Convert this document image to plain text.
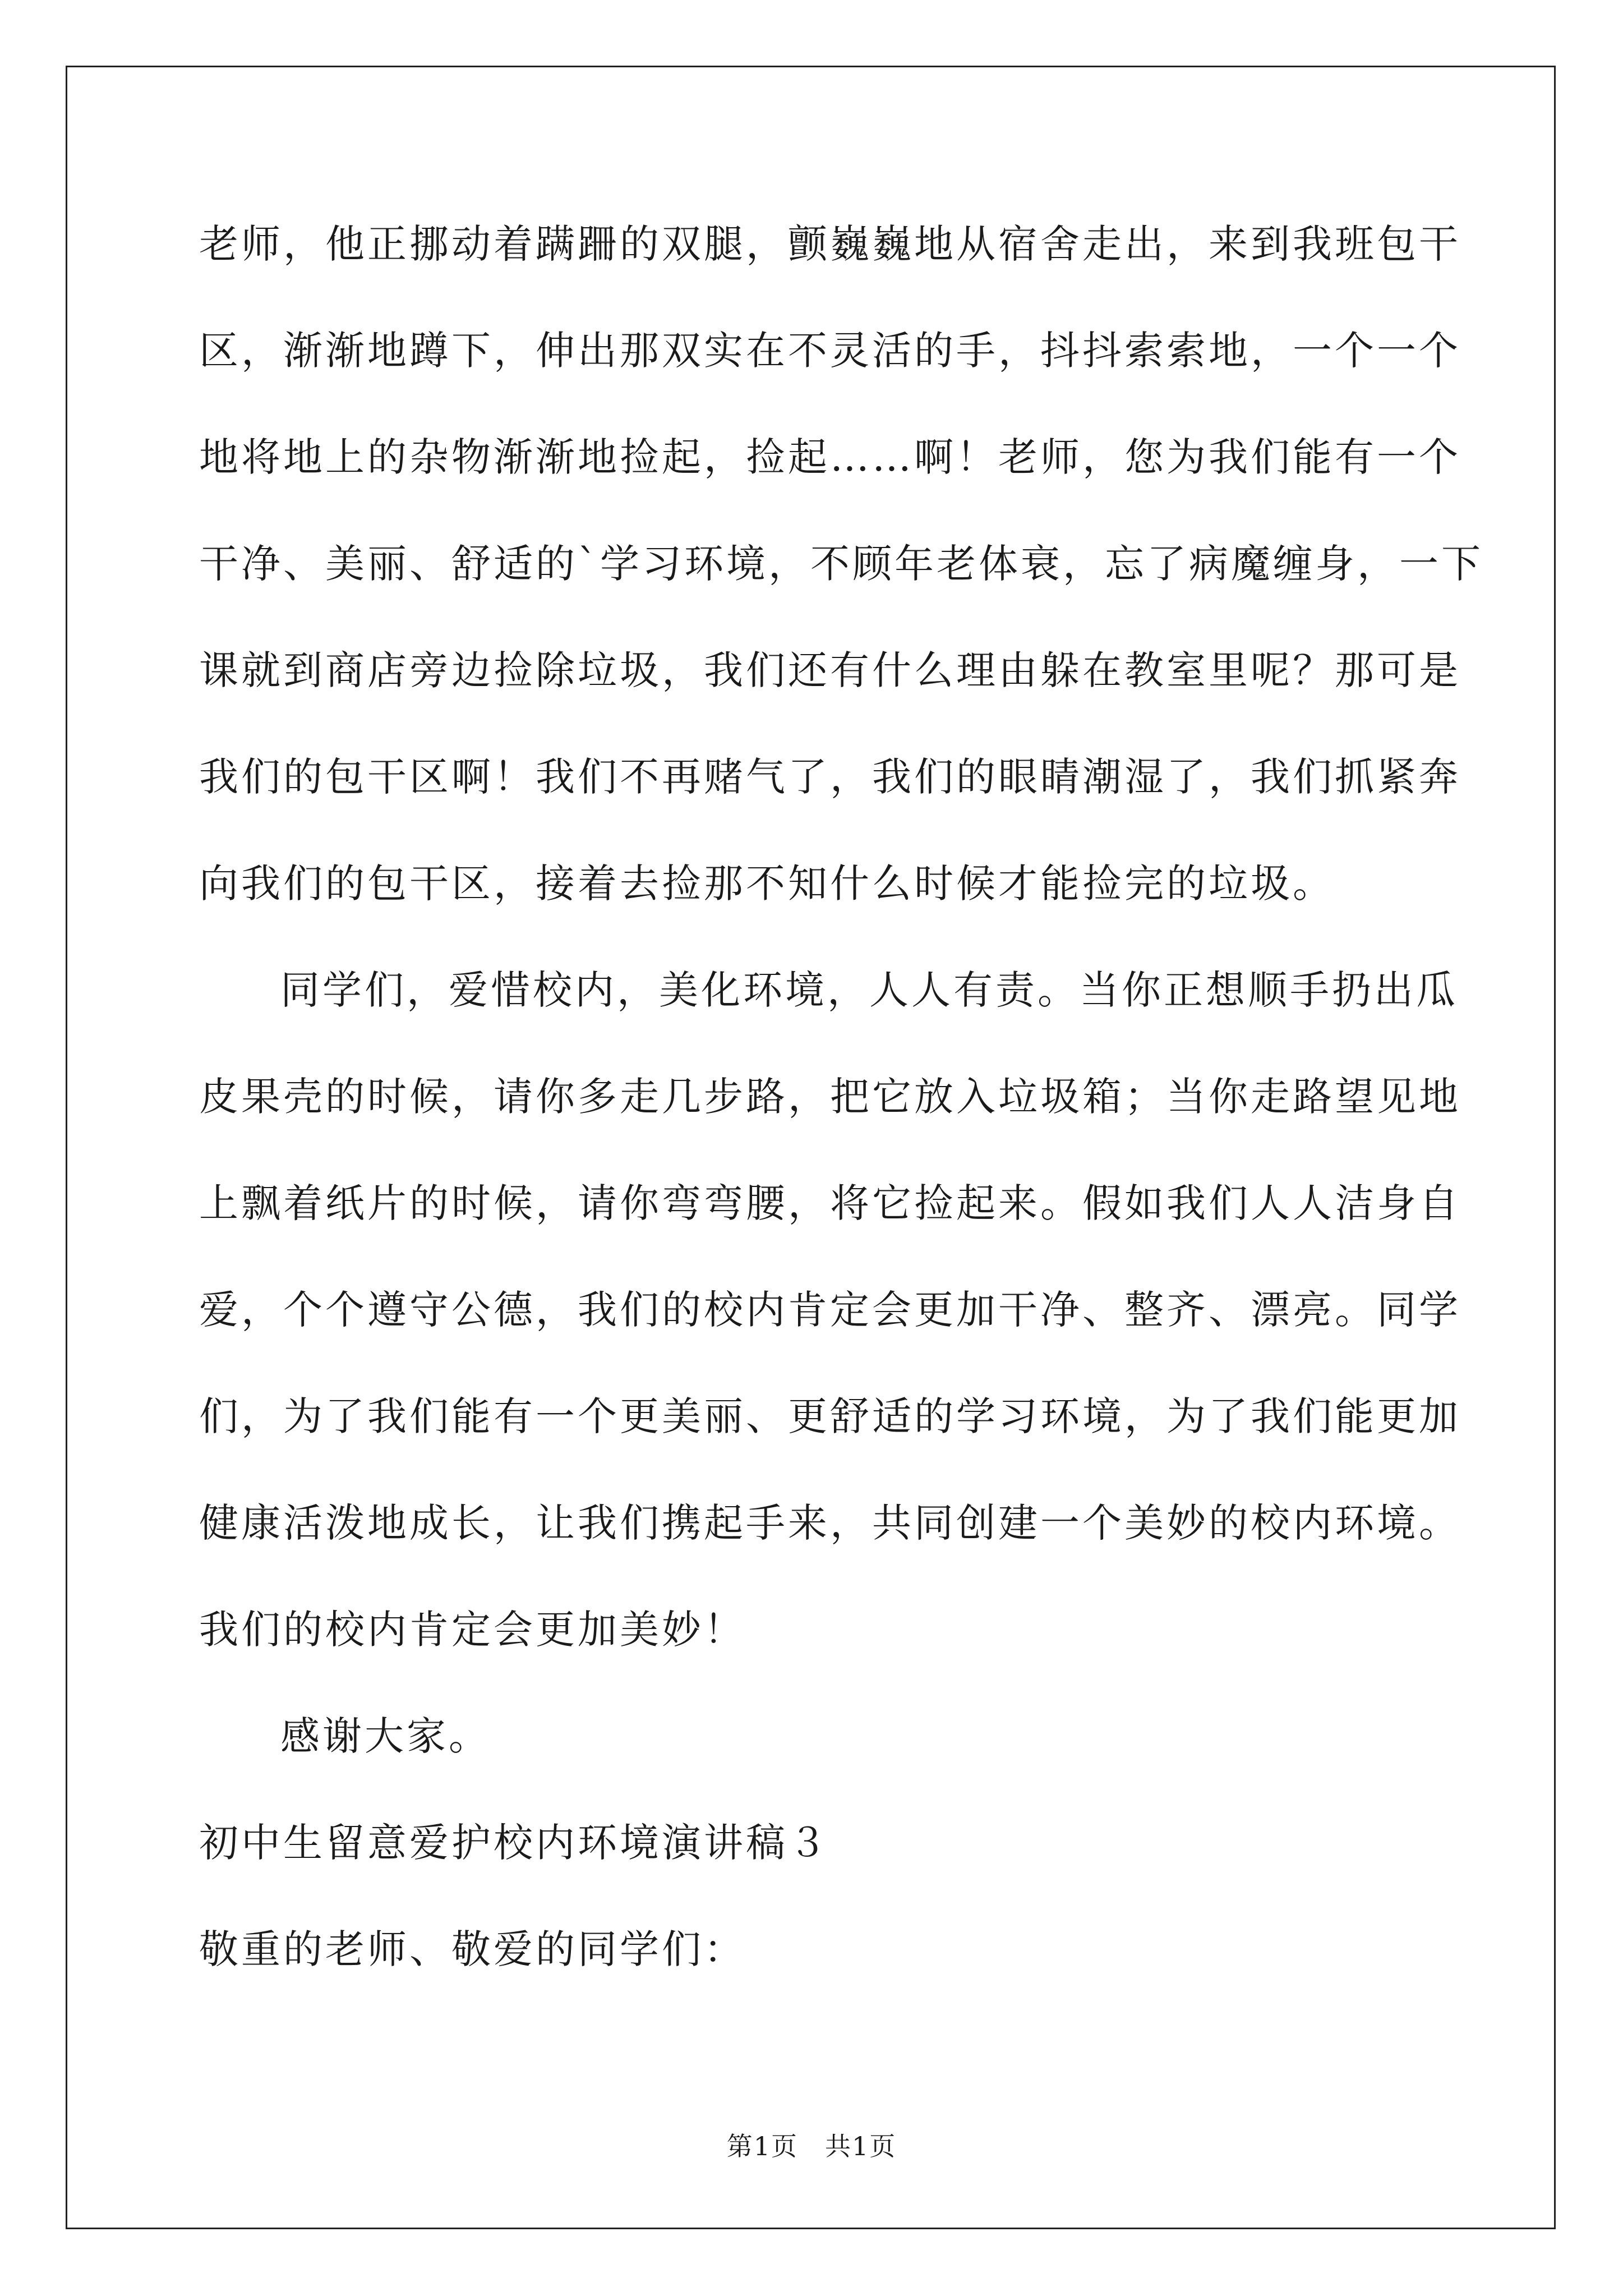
老师，他正挪动着蹒跚的双腿，颤巍巍地从宿舍走出，来到我班包干
区，渐渐地蹲下，伸出那双实在不灵活的手，抖抖索索地，一个一个
地将地上的杂物渐渐地捡起，捡起……啊！老师，您为我们能有一个
干净、美丽、舒适的`学习环境，不顾年老体衰，忘了病魔缠身，一下
课就到商店旁边捡除垃圾，我们还有什么理由躲在教室里呢？那可是
我们的包干区啊！我们不再赌气了，我们的眼睛潮湿了，我们抓紧奔
向我们的包干区，接着去捡那不知什么时候才能捡完的垃圾。
同学们，爱惜校内，美化环境，人人有责。当你正想顺手扔出瓜
皮果壳的时候，请你多走几步路，把它放入垃圾箱；当你走路望见地
上飘着纸片的时候，请你弯弯腰，将它捡起来。假如我们人人洁身自
爱，个个遵守公德，我们的校内肯定会更加干净、整齐、漂亮。同学
们，为了我们能有一个更美丽、更舒适的学习环境，为了我们能更加
健康活泼地成长，让我们携起手来，共同创建一个美妙的校内环境。
我们的校内肯定会更加美妙！
感谢大家。
初中生留意爱护校内环境演讲稿３
敬重的老师、敬爱的同学们：
第1页　共1页
